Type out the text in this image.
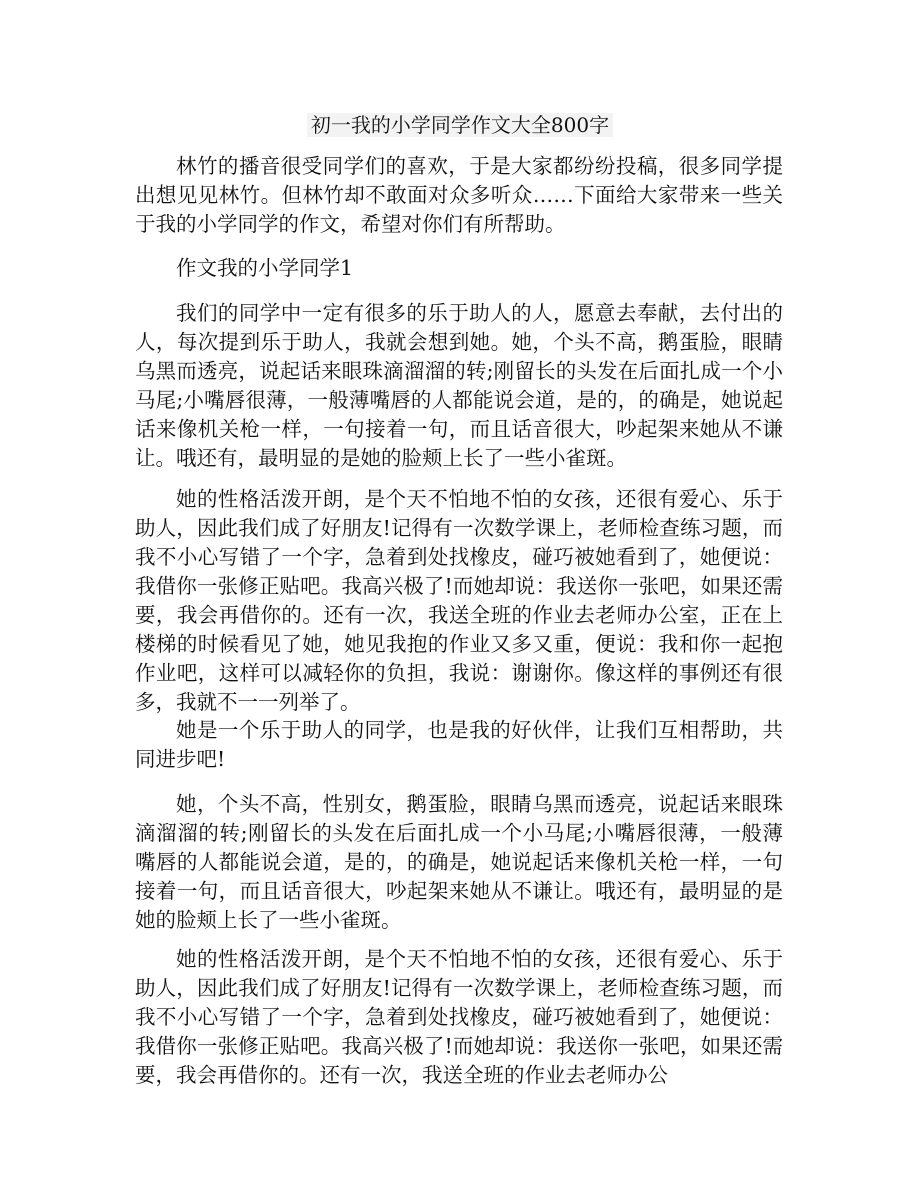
初一我的小学同学作文大全800字

林竹的播音很受同学们的喜欢，于是大家都纷纷投稿，很多同学提出想见见林竹。但林竹却不敢面对众多听众……下面给大家带来一些关于我的小学同学的作文，希望对你们有所帮助。

作文我的小学同学1

我们的同学中一定有很多的乐于助人的人，愿意去奉献，去付出的人，每次提到乐于助人，我就会想到她。她，个头不高，鹅蛋脸，眼睛乌黑而透亮，说起话来眼珠滴溜溜的转;刚留长的头发在后面扎成一个小马尾;小嘴唇很薄，一般薄嘴唇的人都能说会道，是的，的确是，她说起话来像机关枪一样，一句接着一句，而且话音很大，吵起架来她从不谦让。哦还有，最明显的是她的脸颊上长了一些小雀斑。

她的性格活泼开朗，是个天不怕地不怕的女孩，还很有爱心、乐于助人，因此我们成了好朋友!记得有一次数学课上，老师检查练习题，而我不小心写错了一个字，急着到处找橡皮，碰巧被她看到了，她便说：我借你一张修正贴吧。我高兴极了!而她却说：我送你一张吧，如果还需要，我会再借你的。还有一次，我送全班的作业去老师办公室，正在上楼梯的时候看见了她，她见我抱的作业又多又重，便说：我和你一起抱作业吧，这样可以减轻你的负担，我说：谢谢你。像这样的事例还有很多，我就不一一列举了。

她是一个乐于助人的同学，也是我的好伙伴，让我们互相帮助，共同进步吧!

她，个头不高，性别女，鹅蛋脸，眼睛乌黑而透亮，说起话来眼珠滴溜溜的转;刚留长的头发在后面扎成一个小马尾;小嘴唇很薄，一般薄嘴唇的人都能说会道，是的，的确是，她说起话来像机关枪一样，一句接着一句，而且话音很大，吵起架来她从不谦让。哦还有，最明显的是她的脸颊上长了一些小雀斑。

她的性格活泼开朗，是个天不怕地不怕的女孩，还很有爱心、乐于助人，因此我们成了好朋友!记得有一次数学课上，老师检查练习题，而我不小心写错了一个字，急着到处找橡皮，碰巧被她看到了，她便说：我借你一张修正贴吧。我高兴极了!而她却说：我送你一张吧，如果还需要，我会再借你的。还有一次，我送全班的作业去老师办公
